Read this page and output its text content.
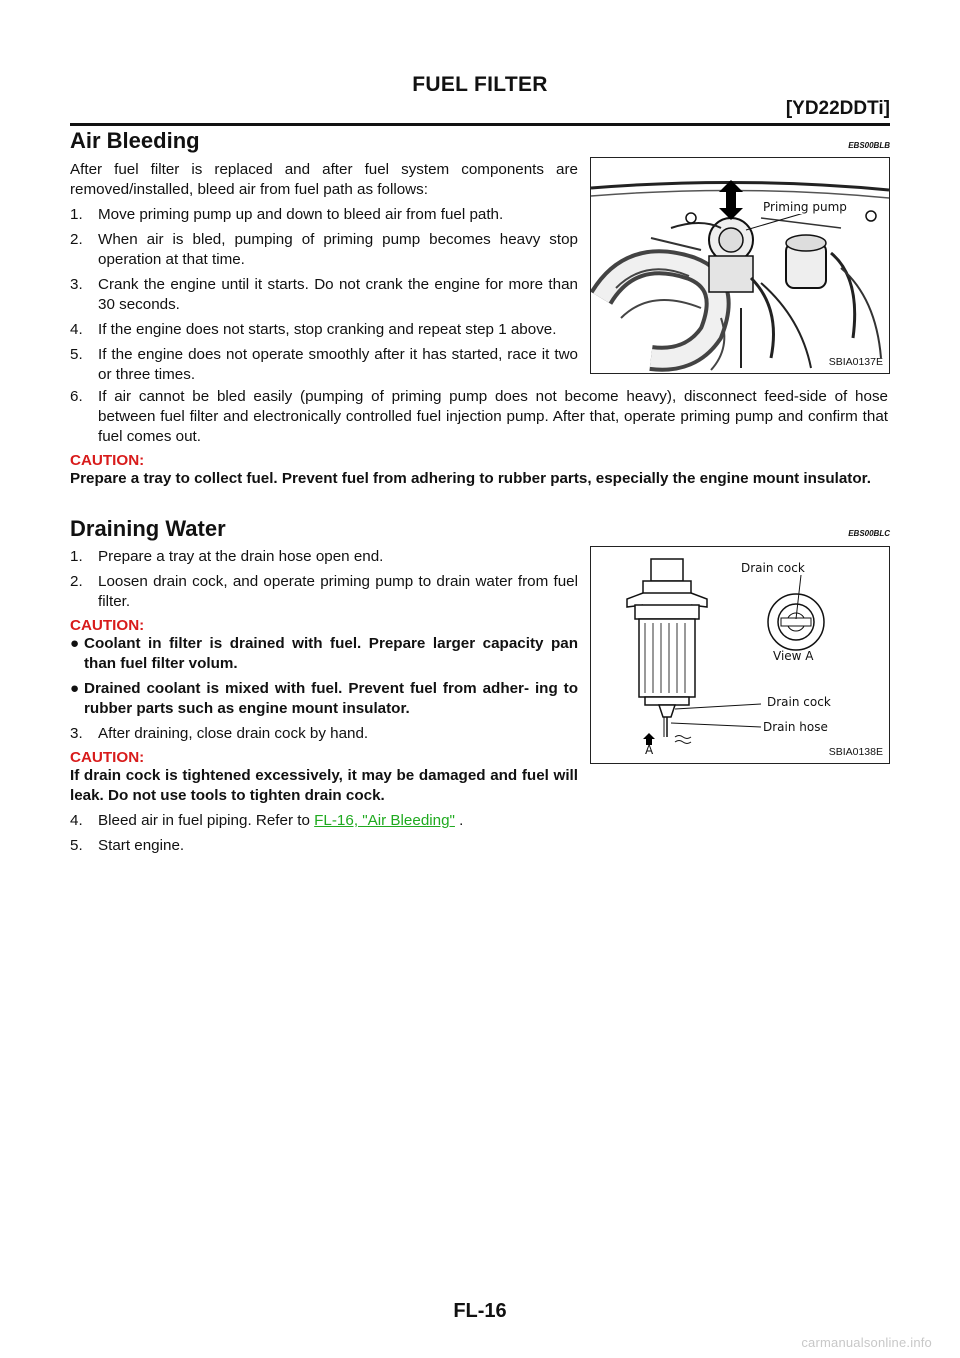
FUEL FILTER
[YD22DDTi]
Air Bleeding	EBS00BLB
After fuel filter is replaced and after fuel system components are removed/installed, bleed air from fuel path as follows:
1.	Move priming pump up and down to bleed air from fuel path.
2.	When air is bled, pumping of priming pump becomes heavy stop operation at that time.
3.	Crank the engine until it starts. Do not crank the engine for more than 30 seconds.
4.	If the engine does not starts, stop cranking and repeat step 1 above.
5.	If the engine does not operate smoothly after it has started, race it two or three times.
Priming pump
SBIA0137E
6.	If air cannot be bled easily (pumping of priming pump does not become heavy), disconnect feed-side of hose between fuel filter and electronically controlled fuel injection pump. After that, operate priming pump and confirm that fuel comes out.
CAUTION:
Prepare a tray to collect fuel. Prevent fuel from adhering to rubber parts, especially the engine mount insulator.
Draining Water	EBS00BLC
1.	Prepare a tray at the drain hose open end.
2.	Loosen drain cock, and operate priming pump to drain water from fuel filter.
CAUTION:
● Coolant in filter is drained with fuel. Prepare larger capacity pan than fuel filter volum.
● Drained coolant is mixed with fuel. Prevent fuel from adher- ing to rubber parts such as engine mount insulator.
3.	After draining, close drain cock by hand.
CAUTION:
If drain cock is tightened excessively, it may be damaged and fuel will leak. Do not use tools to tighten drain cock.
4.	Bleed air in fuel piping. Refer to FL-16, "Air Bleeding" .
5.	Start engine.
Drain cock
View A
Drain cock
Drain hose
A	SBIA0138E
FL-16
carmanualsonline.info
